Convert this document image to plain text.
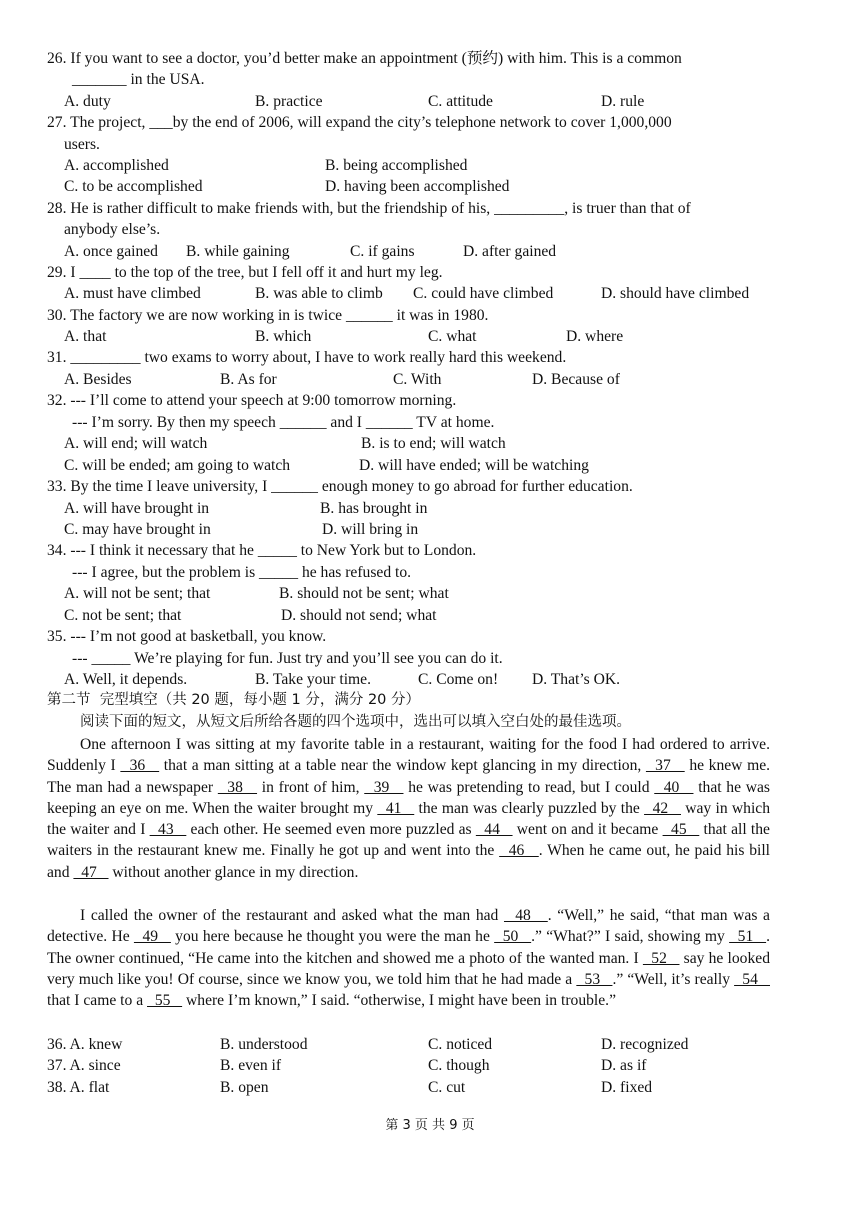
26. If you want to see a doctor, you’d better make an appointment (预约) with him. This is a common
_______ in the USA.
A. duty	B. practice	C. attitude	D. rule
27. The project, ___by the end of 2006, will expand the city’s telephone network to cover 1,000,000
users.
A. accomplished	B. being accomplished
C. to be accomplished	D. having been accomplished
28. He is rather difficult to make friends with, but the friendship of his, _________, is truer than that of
anybody else’s.
A. once gained B. while gaining	C. if gains	D. after gained
29. I ____ to the top of the tree, but I fell off it and hurt my leg.
A. must have climbed	B. was able to climb C. could have climbed	D. should have climbed
30. The factory we are now working in is twice ______ it was in 1980.
A. that	B. which	C. what	D. where
31. _________ two exams to worry about, I have to work really hard this weekend.
A. Besides	B. As for	C. With	D. Because of
32. --- I’ll come to attend your speech at 9:00 tomorrow morning.
--- I’m sorry. By then my speech ______ and I ______ TV at home.
A. will end; will watch	B. is to end; will watch
C. will be ended; am going to watch	D. will have ended; will be watching
33. By the time I leave university, I ______ enough money to go abroad for further education.
A. will have brought in	B. has brought in
C. may have brought in	D. will bring in
34. --- I think it necessary that he _____ to New York but to London.
--- I agree, but the problem is _____ he has refused to.
A. will not be sent; that	B. should not be sent; what
C. not be sent; that	D. should not send; what
35. --- I’m not good at basketball, you know.
--- _____ We’re playing for fun. Just try and you’ll see you can do it.
A. Well, it depends.	B. Take your time.	C. Come on! D. That’s OK.
第二节  完型填空（共 20 题，每小题 1 分，满分 20 分）
阅读下面的短文，从短文后所给各题的四个选项中，选出可以填入空白处的最佳选项。
One afternoon I was sitting at my favorite table in a restaurant, waiting for the food I had ordered to arrive. Suddenly I   36    that a man sitting at a table near the window kept glancing in my direction,   37    he knew me. The man had a newspaper   38    in front of him,   39    he was pretending to read, but I could   40    that he was keeping an eye on me. When the waiter brought my   41    the man was clearly puzzled by the   42    way in which the waiter and I   43    each other. He seemed even more puzzled as   44    went on and it became   45    that all the waiters in the restaurant knew me. Finally he got up and went into the   46   . When he came out, he paid his bill and   47    without another glance in my direction.
I called the owner of the restaurant and asked what the man had   48   . “Well,” he said, “that man was a detective. He   49    you here because he thought you were the man he   50   .” “What?” I said, showing my   51   . The owner continued, “He came into the kitchen and showed me a photo of the wanted man. I   52    say he looked very much like you! Of course, since we know you, we told him that he had made a   53   .” “Well, it’s really   54    that I came to a   55    where I’m known,” I said. “otherwise, I might have been in trouble.”
36. A. knew	B. understood	C. noticed	D. recognized
37. A. since	B. even if	C. though	D. as if
38. A. flat	B. open	C. cut	D. fixed
第 3 页 共 9 页
